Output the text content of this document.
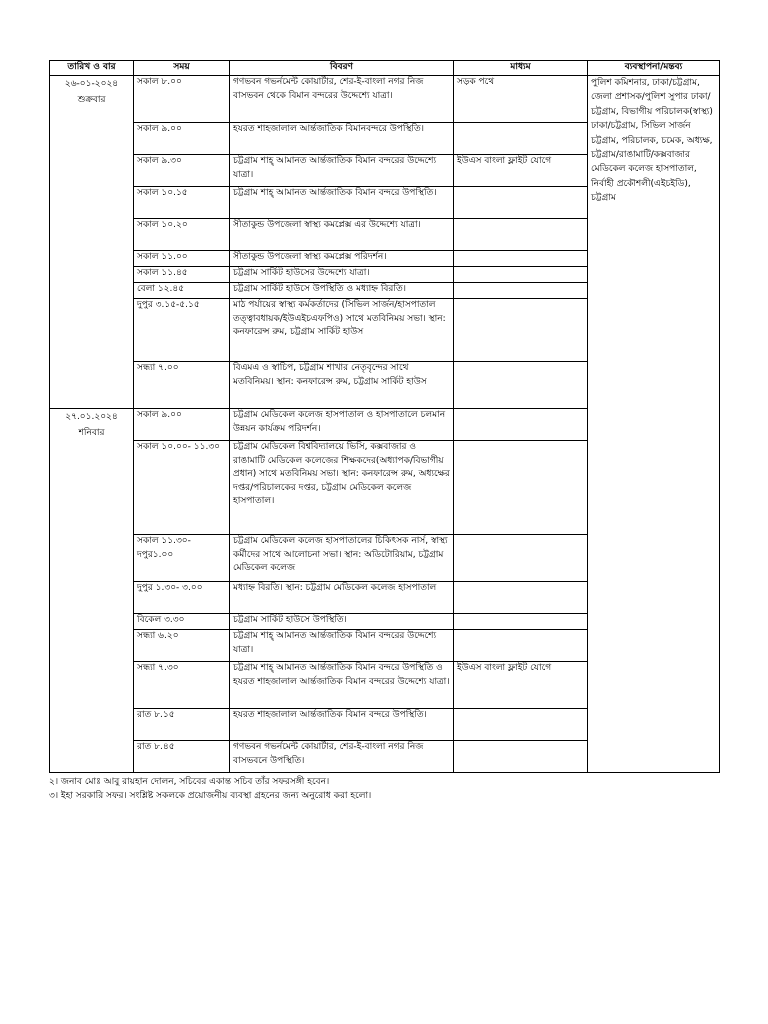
তারিখ ও বার	সময়	বিবরণ	মাধ্যম	ব্যবস্থাপনা/মন্তব্য

২৬-০১-২০২৪
শুক্রবার	সকাল ৮.০০	গণভবন গভর্নমেন্ট কোয়ার্টার, শের-ই-বাংলা নগর নিজ বাসভবন থেকে বিমান বন্দরের উদ্দেশ্যে যাত্রা।	সড়ক পথে	পুলিশ কমিশনার, ঢাকা/চট্টগ্রাম, জেলা প্রশাসক/পুলিশ সুপার ঢাকা/চট্টগ্রাম, বিভাগীয় পরিচালক(স্বাস্থ্য) ঢাকা/চট্টগ্রাম, সিভিল সার্জন চট্টগ্রাম, পরিচালক, চমেক, অধ্যক্ষ, চট্টগ্রাম/রাঙামাটি/কক্সবাজার মেডিকেল কলেজ হাসপাতাল, নির্বাহী প্রকৌশলী(এইচইডি), চট্টগ্রাম
	সকাল ৯.০০	হযরত শাহজালাল আর্ন্তজাতিক বিমানবন্দরে উপস্থিতি।		
	সকাল ৯.৩০	চট্টগ্রাম শাহ্ আমানত আর্ন্তজাতিক বিমান বন্দরের উদ্দেশ্যে যাত্রা।	ইউএস বাংলা ফ্লাইট যোগে	
	সকাল ১০.১৫	চট্টগ্রাম শাহ্ আমানত আর্ন্তজাতিক বিমান বন্দরে উপস্থিতি।		
	সকাল ১০.২০	সীতাকুন্ড উপজেলা স্বাস্থ্য কমপ্লেক্স এর উদ্দেশ্যে যাত্রা।		
	সকাল ১১.০০	সীতাকুন্ড উপজেলা স্বাস্থ্য কমপ্লেক্স পরিদর্শন।		
	সকাল ১১.৪৫	চট্টগ্রাম সার্কিট হাউসের উদ্দেশ্যে যাত্রা।		
	বেলা ১২.৪৫	চট্টগ্রাম সার্কিট হাউসে উপস্থিতি ও মধ্যাহ্ন বিরতি।		
	দুপুর ৩.১৫-৫.১৫	মাঠ পর্যায়ের স্বাস্থ্য কর্মকর্তাদের (সিভিল সার্জন/হাসপাতাল তত্ত্বাবধায়ক/ইউএইচএফপিও) সাথে মতবিনিময় সভা। স্থান: কনফারেন্স রুম, চট্টগ্রাম সার্কিট হাউস		
	সন্ধ্যা ৭.০০	বিএমএ ও স্বাচিপ, চট্টগ্রাম শাখার নেতৃবৃন্দের সাথে মতবিনিময়। স্থান: কনফারেন্স রুম, চট্টগ্রাম সার্কিট হাউস		

২৭.০১.২০২৪
শনিবার	সকাল ৯.০০	চট্টগ্রাম মেডিকেল কলেজ হাসপাতাল ও হাসপাতালে চলমান উন্নয়ন কার্যক্রম পরিদর্শন।		
	সকাল ১০.০০- ১১.৩০	চট্টগ্রাম মেডিকেল বিশ্ববিদ্যালয়ে ভিসি, কক্সবাজার ও রাঙামাটি মেডিকেল কলেজের শিক্ষকদের(অধ্যাপক/বিভাগীয় প্রধান) সাথে মতবিনিময় সভা। স্থান: কনফারেন্স রুম, অধ্যক্ষের দপ্তর/পরিচালকের দপ্তর, চট্টগ্রাম মেডিকেল কলেজ হাসপাতাল।		
	সকাল ১১.৩০- দপুর১.০০	চট্টগ্রাম মেডিকেল কলেজ হাসপাতালের চিকিৎসক নার্স, স্বাস্থ্য কর্মীদের সাথে আলোচনা সভা। স্থান: অডিটোরিয়াম, চট্টগ্রাম মেডিকেল কলেজ		
	দুপুর ১.৩০- ৩.০০	মধ্যাহ্ন বিরতি। স্থান: চট্টগ্রাম মেডিকেল কলেজ হাসপাতাল		
	বিকেল ৩.৩০	চট্টগ্রাম সার্কিট হাউসে উপস্থিতি।		
	সন্ধ্যা ৬.২০	চট্টগ্রাম শাহ্ আমানত আর্ন্তজাতিক বিমান বন্দরের উদ্দেশ্যে যাত্রা।		
	সন্ধ্যা ৭.৩০	চট্টগ্রাম শাহ্ আমানত আর্ন্তজাতিক বিমান বন্দরে উপস্থিতি ও হযরত শাহজালাল আর্ন্তজাতিক বিমান বন্দরের উদ্দেশ্যে যাত্রা।	ইউএস বাংলা ফ্লাইট যোগে	
	রাত ৮.১৫	হযরত শাহজালাল আর্ন্তজাতিক বিমান বন্দরে উপস্থিতি।		
	রাত ৮.৪৫	গণভবন গভর্নমেন্ট কোয়ার্টার, শের-ই-বাংলা নগর নিজ বাসভবনে উপস্থিতি।		
২। জনাব মোঃ আবু রায়হান দোলন, সচিবের একান্ত সচিব তাঁর সফরসঙ্গী হবেন।
৩। ইহা সরকারি সফর। সংশ্লিষ্ট সকলকে প্রয়োজনীয় ব্যবস্থা গ্রহনের জন্য অনুরোধ করা হলো।
